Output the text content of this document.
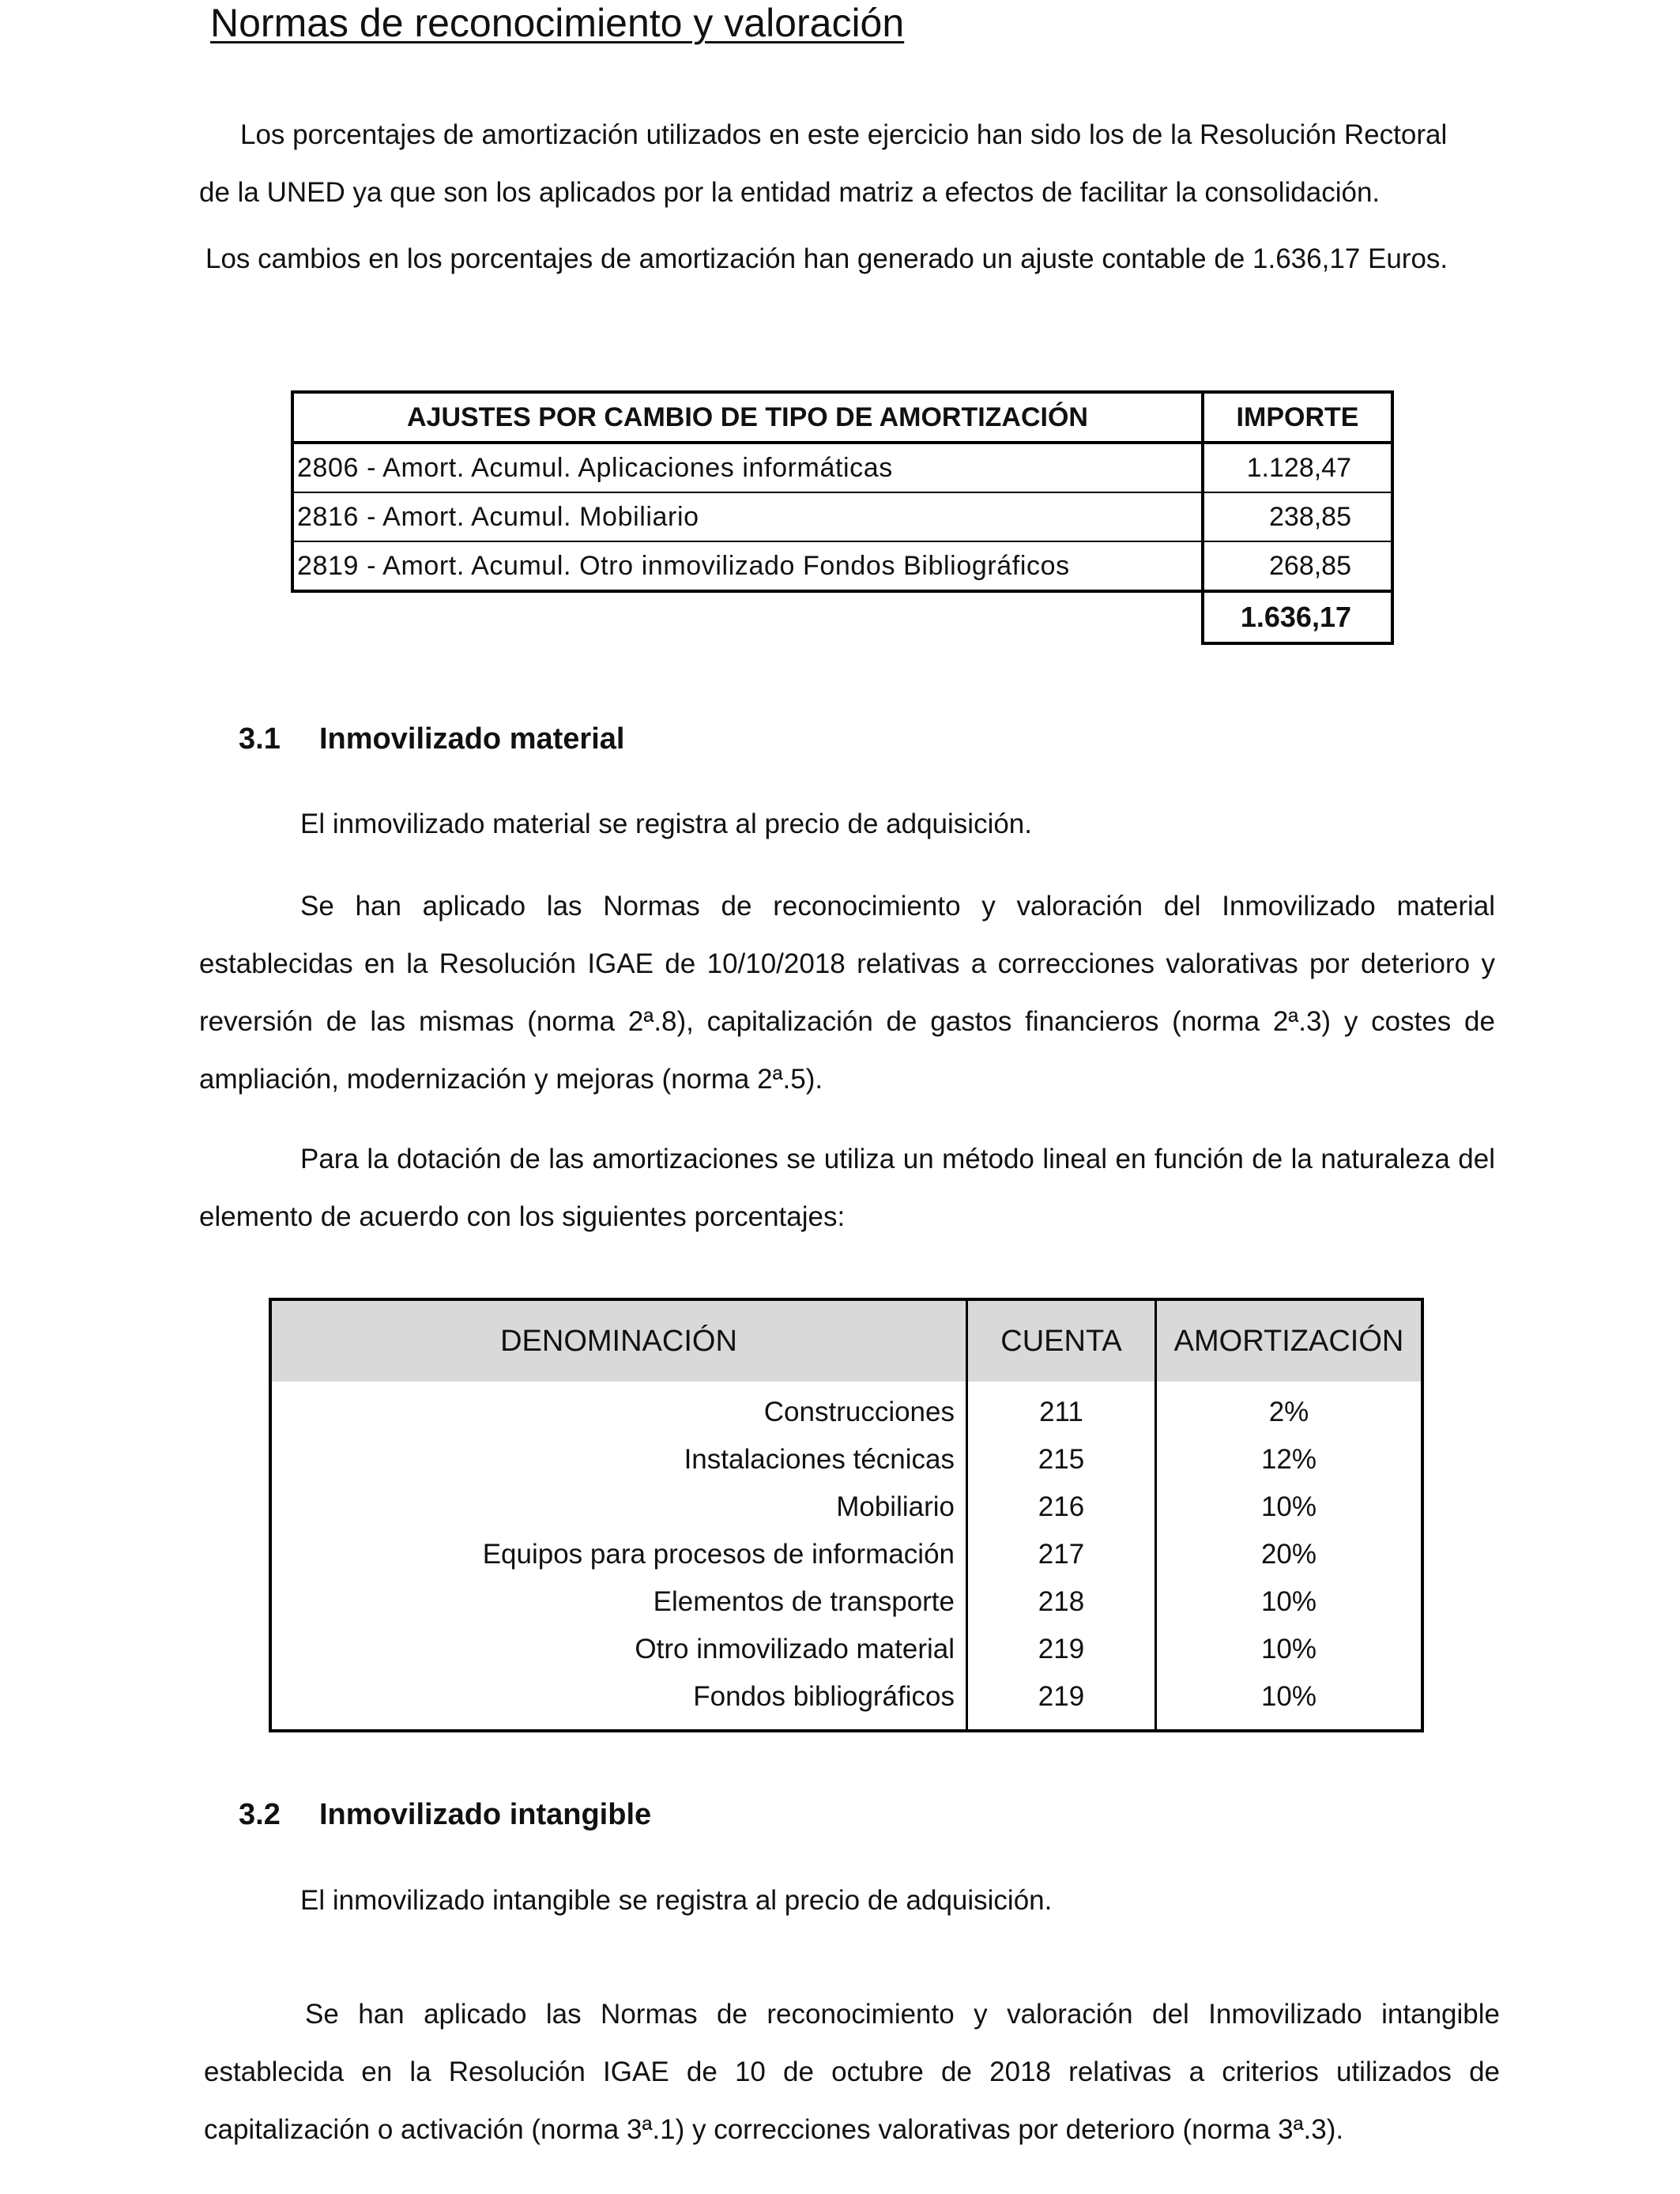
Normas de reconocimiento y valoración
Los porcentajes de amortización utilizados en este ejercicio han sido los de la Resolución Rectoral
de la UNED ya que son los aplicados por la entidad matriz a efectos de facilitar la consolidación.
Los cambios en los porcentajes de amortización han generado un ajuste contable de 1.636,17 Euros.
AJUSTES POR CAMBIO DE TIPO DE AMORTIZACIÓN	IMPORTE
2806 - Amort. Acumul. Aplicaciones informáticas	1.128,47
2816 - Amort. Acumul. Mobiliario	238,85
2819 - Amort. Acumul. Otro inmovilizado Fondos Bibliográficos	268,85
	1.636,17
3.1 Inmovilizado material
El inmovilizado material se registra al precio de adquisición.
Se han aplicado las Normas de reconocimiento y valoración del Inmovilizado material establecidas en la Resolución IGAE de 10/10/2018 relativas a correcciones valorativas por deterioro y reversión de las mismas (norma 2ª.8), capitalización de gastos financieros (norma 2ª.3) y costes de ampliación, modernización y mejoras (norma 2ª.5).
Para la dotación de las amortizaciones se utiliza un método lineal en función de la naturaleza del elemento de acuerdo con los siguientes porcentajes:
DENOMINACIÓN	CUENTA	AMORTIZACIÓN
Construcciones	211	2%
Instalaciones técnicas	215	12%
Mobiliario	216	10%
Equipos para procesos de información	217	20%
Elementos de transporte	218	10%
Otro inmovilizado material	219	10%
Fondos bibliográficos	219	10%
3.2 Inmovilizado intangible
El inmovilizado intangible se registra al precio de adquisición.
Se han aplicado las Normas de reconocimiento y valoración del Inmovilizado intangible establecida en la Resolución IGAE de 10 de octubre de 2018 relativas a criterios utilizados de capitalización o activación (norma 3ª.1) y correcciones valorativas por deterioro (norma 3ª.3).
